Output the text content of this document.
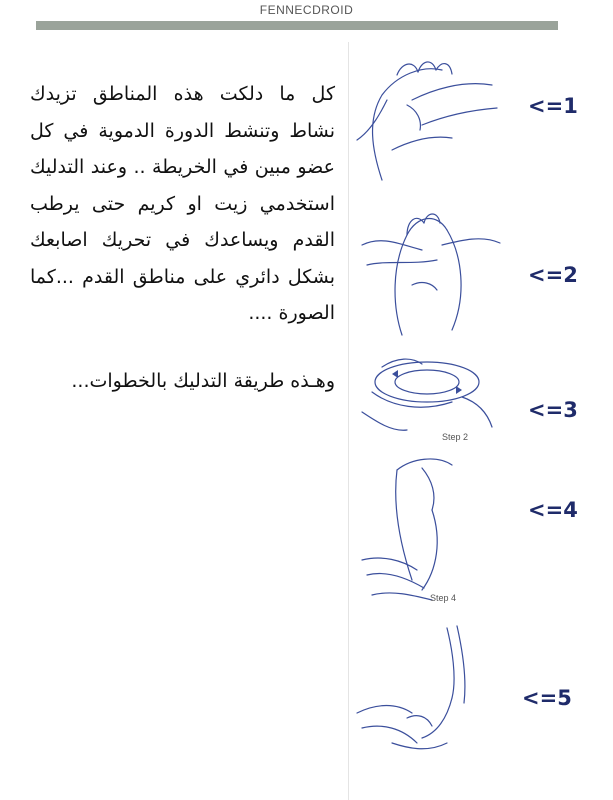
FENNECDROID

كل ما دلكت هذه المناطق تزيدك نشاط وتنشط الدورة الدموية في كل عضو مبين في الخريطة .. وعند التدليك استخدمي زيت او كريم حتى يرطب القدم ويساعدك في تحريك اصابعك بشكل دائري على مناطق القدم ...كما الصورة ....

وهـذه طريقة التدليك بالخطوات...

<=1
<=2
Step 2
<=3
Step 4
<=4
<=5
